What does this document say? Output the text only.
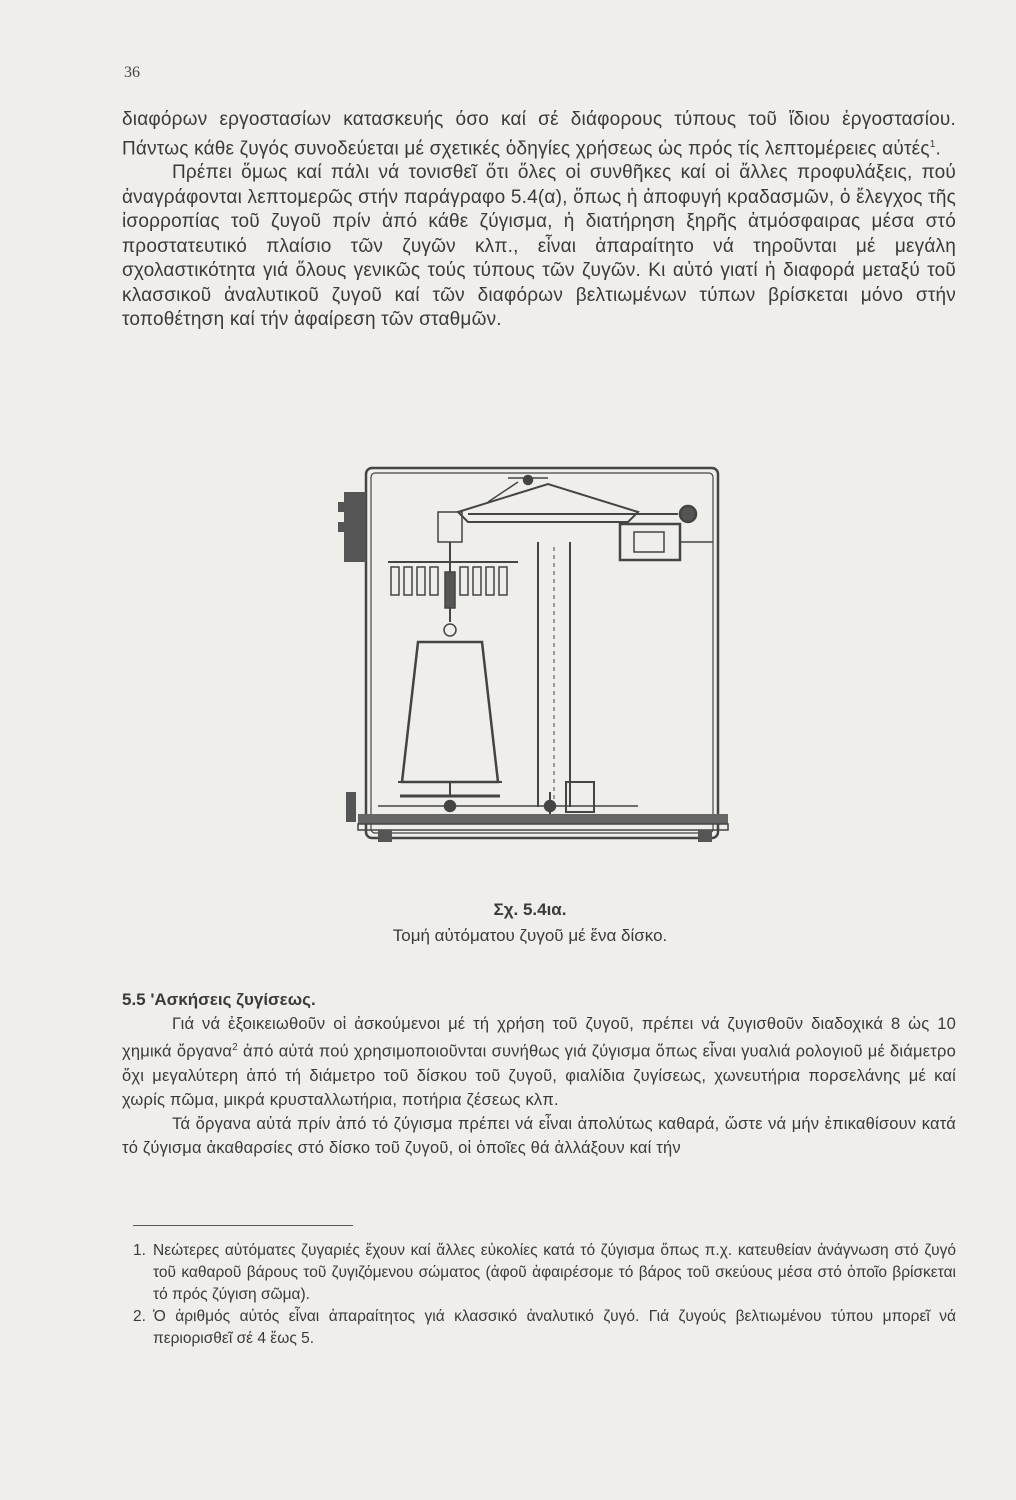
36

διαφόρων εργοστασίων κατασκευής όσο καί σέ διάφορους τύπους τοῦ ἴδιου ἐργοστασίου. Πάντως κάθε ζυγός συνοδεύεται μέ σχετικές ὁδηγίες χρήσεως ὡς πρός τίς λεπτομέρειες αὐτές$^1$.

Πρέπει ὅμως καί πάλι νά τονισθεῖ ὅτι ὅλες οἱ συνθῆκες καί οἱ ἄλλες προφυλάξεις, πού ἀναγράφονται λεπτομερῶς στήν παράγραφο 5.4(α), ὅπως ἡ ἀποφυγή κραδασμῶν, ὁ ἔλεγχος τῆς ἰσορροπίας τοῦ ζυγοῦ πρίν ἀπό κάθε ζύγισμα, ἡ διατήρηση ξηρῆς ἀτμόσφαιρας μέσα στό προστατευτικό πλαίσιο τῶν ζυγῶν κλπ., εἶναι ἀπαραίτητο νά τηροῦνται μέ μεγάλη σχολαστικότητα γιά ὅλους γενικῶς τούς τύπους τῶν ζυγῶν. Κι αὐτό γιατί ἡ διαφορά μεταξύ τοῦ κλασσικοῦ ἀναλυτικοῦ ζυγοῦ καί τῶν διαφόρων βελτιωμένων τύπων βρίσκεται μόνο στήν τοποθέτηση καί τήν ἀφαίρεση τῶν σταθμῶν.

Σχ. 5.4ια.
Τομή αὐτόματου ζυγοῦ μέ ἕνα δίσκο.
5.5 'Ασκήσεις ζυγίσεως.

Γιά νά ἐξοικειωθοῦν οἱ ἀσκούμενοι μέ τή χρήση τοῦ ζυγοῦ, πρέπει νά ζυγισθοῦν διαδοχικά 8 ὡς 10 χημικά ὄργανα$^2$ ἀπό αὐτά πού χρησιμοποιοῦνται συνήθως γιά ζύγισμα ὅπως εἶναι γυαλιά ρολογιοῦ μέ διάμετρο ὄχι μεγαλύτερη ἀπό τή διάμετρο τοῦ δίσκου τοῦ ζυγοῦ, φιαλίδια ζυγίσεως, χωνευτήρια πορσελάνης μέ καί χωρίς πῶμα, μικρά κρυσταλλωτήρια, ποτήρια ζέσεως κλπ.

Τά ὄργανα αὐτά πρίν ἀπό τό ζύγισμα πρέπει νά εἶναι ἀπολύτως καθαρά, ὥστε νά μήν ἐπικαθίσουν κατά τό ζύγισμα ἀκαθαρσίες στό δίσκο τοῦ ζυγοῦ, οἱ ὁποῖες θά ἀλλάξουν καί τήν

1. Νεώτερες αὐτόματες ζυγαριές ἔχουν καί ἄλλες εὐκολίες κατά τό ζύγισμα ὅπως π.χ. κατευθείαν ἀνάγνωση στό ζυγό τοῦ καθαροῦ βάρους τοῦ ζυγιζόμενου σώματος (ἀφοῦ ἀφαιρέσομε τό βάρος τοῦ σκεύους μέσα στό ὁποῖο βρίσκεται τό πρός ζύγιση σῶμα).

2. Ὁ ἀριθμός αὐτός εἶναι ἀπαραίτητος γιά κλασσικό ἀναλυτικό ζυγό. Γιά ζυγούς βελτιωμένου τύπου μπορεῖ νά περιορισθεῖ σέ 4 ἕως 5.
